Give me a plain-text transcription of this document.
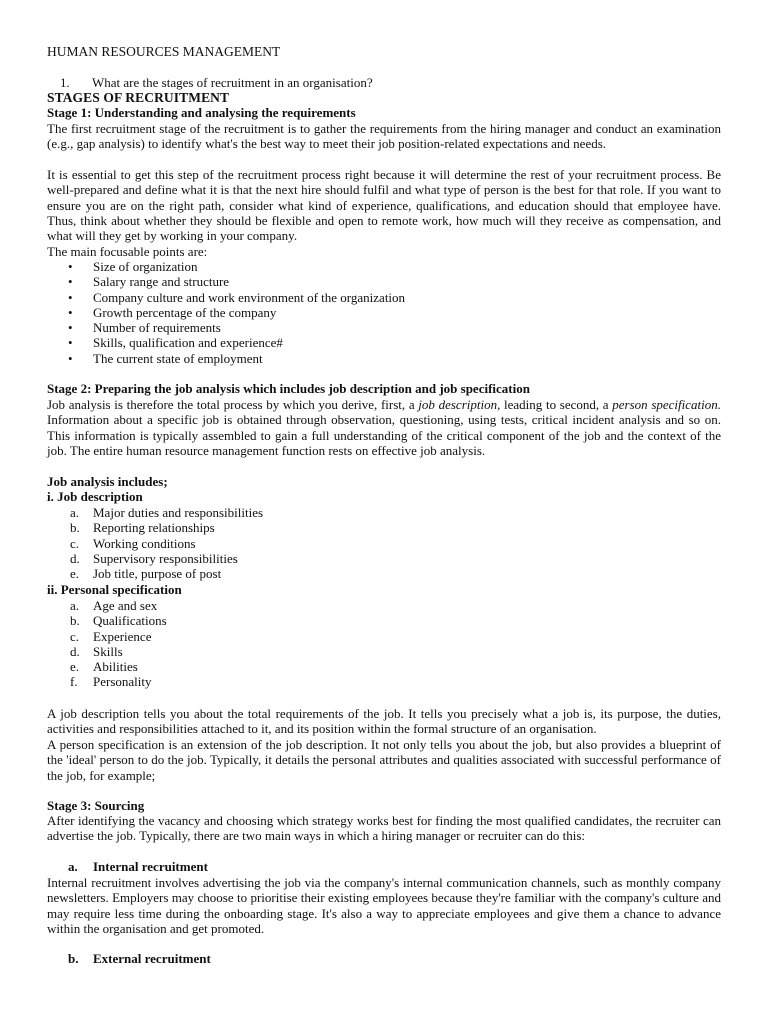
HUMAN RESOURCES MANAGEMENT
1. What are the stages of recruitment in an organisation?
STAGES OF RECRUITMENT
Stage 1: Understanding and analysing the requirements
The first recruitment stage of the recruitment is to gather the requirements from the hiring manager and conduct an examination (e.g., gap analysis) to identify what's the best way to meet their job position-related expectations and needs.
It is essential to get this step of the recruitment process right because it will determine the rest of your recruitment process. Be well-prepared and define what it is that the next hire should fulfil and what type of person is the best for that role. If you want to ensure you are on the right path, consider what kind of experience, qualifications, and education should that employee have. Thus, think about whether they should be flexible and open to remote work, how much will they receive as compensation, and what will they get by working in your company.
The main focusable points are:
• Size of organization
• Salary range and structure
• Company culture and work environment of the organization
• Growth percentage of the company
• Number of requirements
• Skills, qualification and experience#
• The current state of employment
Stage 2: Preparing the job analysis which includes job description and job specification
Job analysis is therefore the total process by which you derive, first, a job description, leading to second, a person specification. Information about a specific job is obtained through observation, questioning, using tests, critical incident analysis and so on. This information is typically assembled to gain a full understanding of the critical component of the job and the context of the job. The entire human resource management function rests on effective job analysis.
Job analysis includes;
i. Job description
a. Major duties and responsibilities
b. Reporting relationships
c. Working conditions
d. Supervisory responsibilities
e. Job title, purpose of post
ii. Personal specification
a. Age and sex
b. Qualifications
c. Experience
d. Skills
e. Abilities
f. Personality
A job description tells you about the total requirements of the job. It tells you precisely what a job is, its purpose, the duties, activities and responsibilities attached to it, and its position within the formal structure of an organisation.
A person specification is an extension of the job description. It not only tells you about the job, but also provides a blueprint of the 'ideal' person to do the job. Typically, it details the personal attributes and qualities associated with successful performance of the job, for example;
Stage 3: Sourcing
After identifying the vacancy and choosing which strategy works best for finding the most qualified candidates, the recruiter can advertise the job. Typically, there are two main ways in which a hiring manager or recruiter can do this:
a. Internal recruitment
Internal recruitment involves advertising the job via the company's internal communication channels, such as monthly company newsletters. Employers may choose to prioritise their existing employees because they're familiar with the company's culture and may require less time during the onboarding stage. It's also a way to appreciate employees and give them a chance to advance within the organisation and get promoted.
b. External recruitment
